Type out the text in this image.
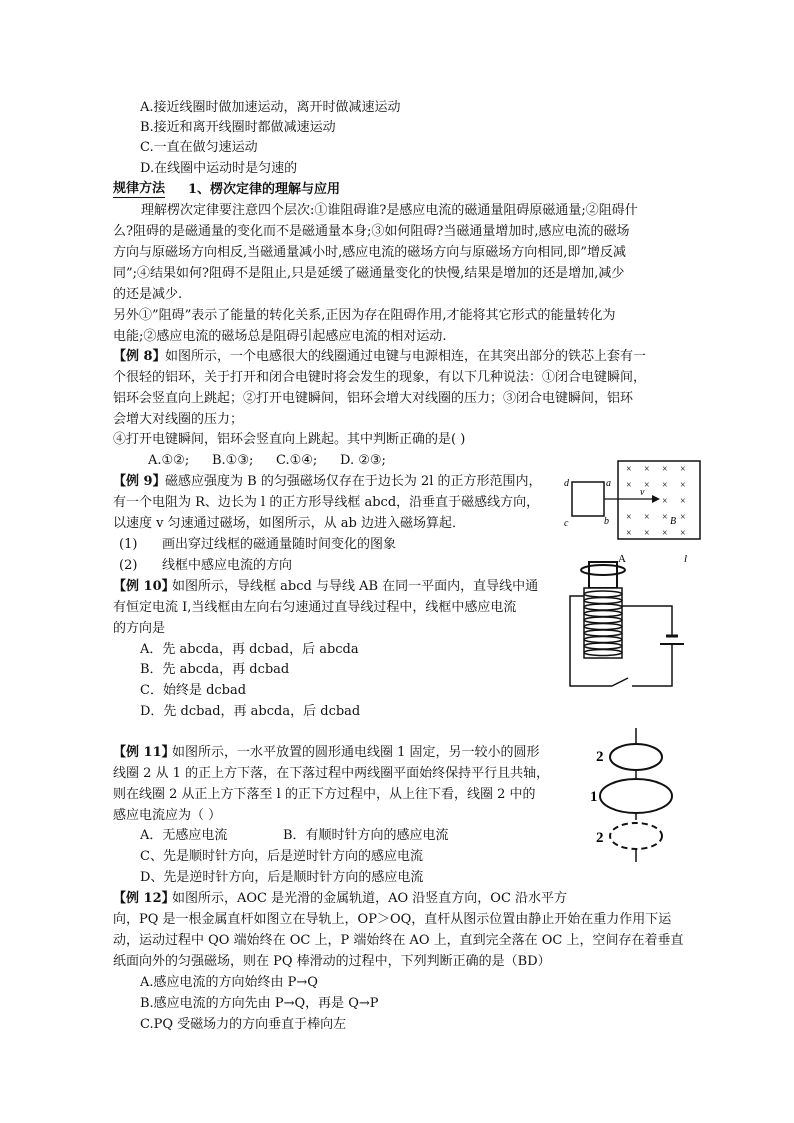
A.接近线圈时做加速运动，离开时做减速运动
B.接近和离开线圈时都做减速运动
C.一直在做匀速运动
D.在线圈中运动时是匀速的
规律方法 1、楞次定律的理解与应用
理解楞次定律要注意四个层次:①谁阻碍谁?是感应电流的磁通量阻碍原磁通量;②阻碍什
么?阻碍的是磁通量的变化而不是磁通量本身;③如何阻碍?当磁通量增加时,感应电流的磁场
方向与原磁场方向相反,当磁通量减小时,感应电流的磁场方向与原磁场方向相同,即”增反减
同”;④结果如何?阻碍不是阻止,只是延缓了磁通量变化的快慢,结果是增加的还是增加,减少
的还是减少.
另外①”阻碍”表示了能量的转化关系,正因为存在阻碍作用,才能将其它形式的能量转化为
电能;②感应电流的磁场总是阻碍引起感应电流的相对运动.
【例 8】 如图所示，一个电感很大的线圈通过电键与电源相连，在其突出部分的铁芯上套有一
个很轻的铝环，关于打开和闭合电键时将会发生的现象，有以下几种说法：①闭合电键瞬间，
铝环会竖直向上跳起；②打开电键瞬间，铝环会增大对线圈的压力；③闭合电键瞬间，铝环
会增大对线圈的压力；
④打开电键瞬间，铝环会竖直向上跳起。其中判断正确的是( )
A.①②; B.①③; C.①④; D. ②③;
【例 9】 磁感应强度为 B 的匀强磁场仅存在于边长为 2l 的正方形范围内，
有一个电阻为 R、边长为 l 的正方形导线框 abcd，沿垂直于磁感线方向，
以速度 v 匀速通过磁场，如图所示，从 ab 边进入磁场算起．
(1) 画出穿过线框的磁通量随时间变化的图象
(2) 线框中感应电流的方向
× × × ×
× × × ×
× ×
× × × ×
× × × ×
d	a
b
c
v
B
【例 10】
如图所示，导线框 abcd 与导线 AB 在同一平面内，直导线中通
有恒定电流 I,当线框由左向右匀速通过直导线过程中，线框中感应电流
的方向是
A．先 abcda，再 dcbad，后 abcda
B．先 abcda，再 dcbad
C．始终是 dcbad
D．先 dcbad，再 abcda，后 dcbad
A	l
【例 11】
如图所示，一水平放置的圆形通电线圈 1 固定，另一较小的圆形
线圈 2 从 1 的正上方下落，在下落过程中两线圈平面始终保持平行且共轴，
则在线圈 2 从正上方下落至 l 的正下方过程中，从上往下看，线圈 2 中的
感应电流应为（ ）
A．无感应电流	B．有顺时针方向的感应电流
C、先是顺时针方向，后是逆时针方向的感应电流
D、先是逆时针方向，后是顺时针方向的感应电流
2
1
2
【例 12】
如图所示，AOC 是光滑的金属轨道，AO 沿竖直方向，OC 沿水平方
向，PQ 是一根金属直杆如图立在导轨上，OP＞OQ，直杆从图示位置由静止开始在重力作用下运
动，运动过程中 QO 端始终在 OC 上，P 端始终在 AO 上，直到完全落在 OC 上，空间存在着垂直
纸面向外的匀强磁场，则在 PQ 棒滑动的过程中，下列判断正确的是（BD）
A.感应电流的方向始终由 P→Q
B.感应电流的方向先由 P→Q，再是 Q→P
C.PQ 受磁场力的方向垂直于棒向左
